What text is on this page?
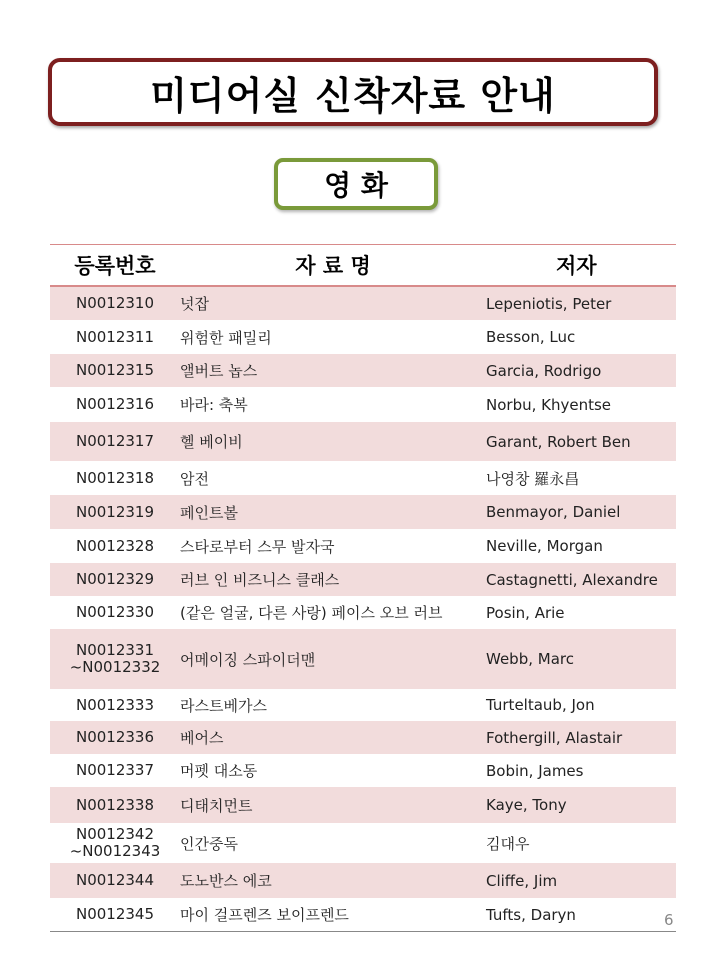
미디어실 신착자료 안내
영 화
등록번호	자 료 명	저자
N0012310	넛잡	Lepeniotis, Peter
N0012311	위험한 패밀리	Besson, Luc
N0012315	앨버트 놉스	Garcia, Rodrigo
N0012316	바라: 축복	Norbu, Khyentse
N0012317	헬 베이비	Garant, Robert Ben
N0012318	암전	나영창 羅永昌
N0012319	페인트볼	Benmayor, Daniel
N0012328	스타로부터 스무 발자국	Neville, Morgan
N0012329	러브 인 비즈니스 클래스	Castagnetti, Alexandre
N0012330	(같은 얼굴, 다른 사랑) 페이스 오브 러브	Posin, Arie
N0012331
~N0012332	어메이징 스파이더맨	Webb, Marc
N0012333	라스트베가스	Turteltaub, Jon
N0012336	베어스	Fothergill, Alastair
N0012337	머펫 대소동	Bobin, James
N0012338	디태치먼트	Kaye, Tony
N0012342
~N0012343	인간중독	김대우
N0012344	도노반스 에코	Cliffe, Jim
N0012345	마이 걸프렌즈 보이프렌드	Tufts, Daryn	6
